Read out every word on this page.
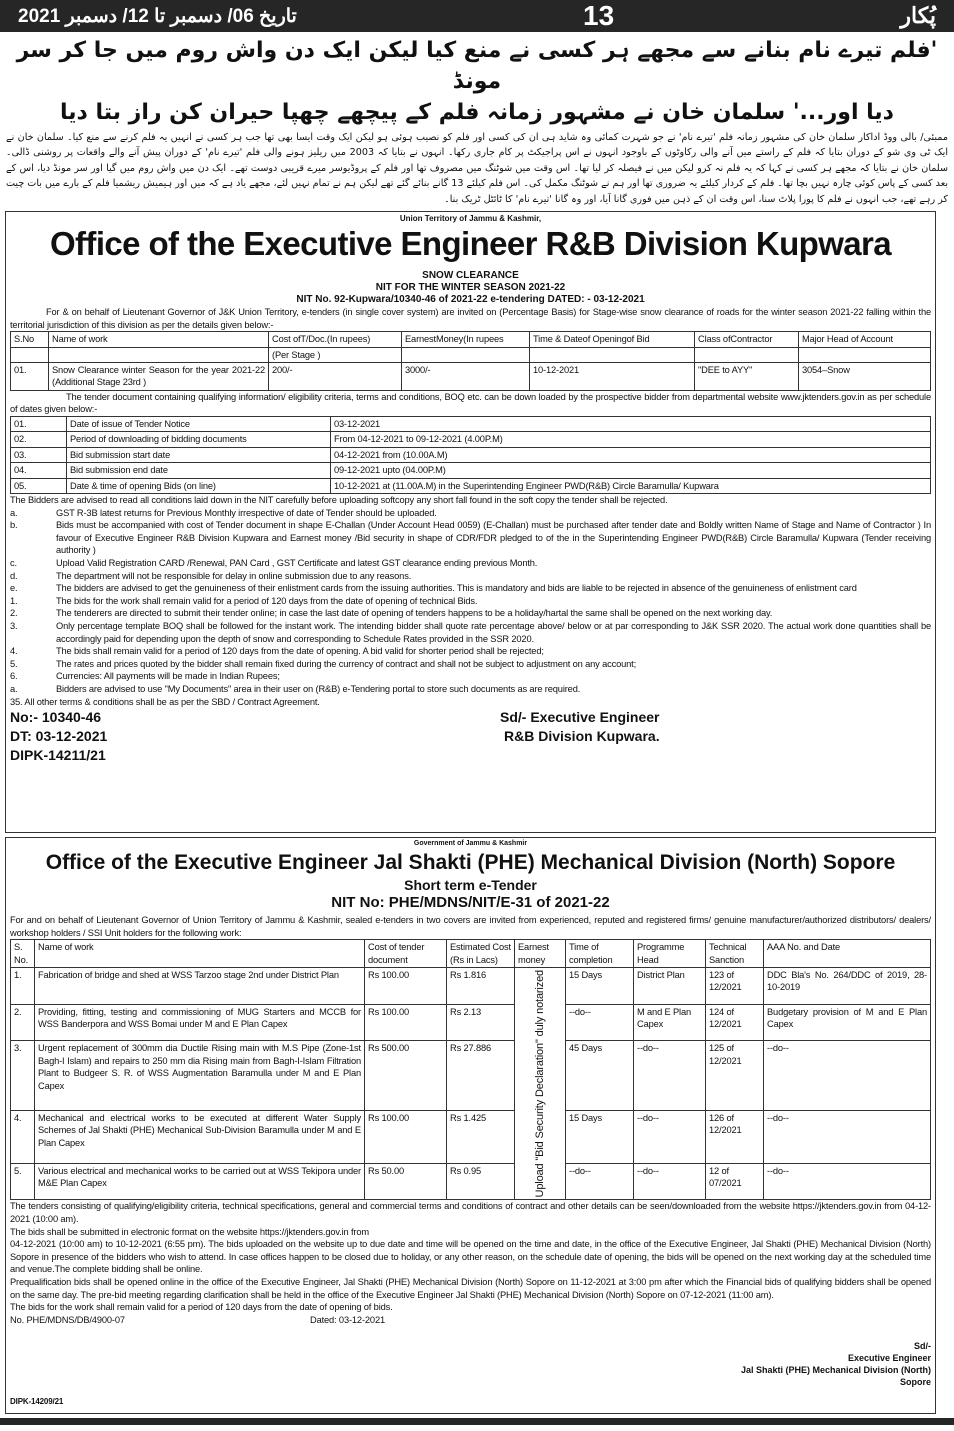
تاریخ 06/ دسمبر تا 12/ دسمبر 2021	13	پُکار
'فلم تیرے نام بنانے سے مجھے ہر کسی نے منع کیا لیکن ایک دن واش روم میں جا کر سر مونڈ
دیا اور...' سلمان خان نے مشہور زمانہ فلم کے پیچھے چھپا حیران کن راز بتا دیا
ممبئی/ بالی ووڈ اداکار سلمان خان کی مشہور زمانہ فلم 'تیرے نام' نے جو شہرت کمائی وہ شاید ہی ان کی کسی اور فلم کو نصیب ہوئی ہو لیکن ایک وقت ایسا بھی تھا جب ہر کسی نے انہیں یہ فلم کرنے سے منع کیا۔ سلمان خان نے ایک ٹی وی شو کے دوران بتایا کہ فلم کے راستے میں آنے والی رکاوٹوں کے باوجود انہوں نے اس پراجیکٹ پر کام جاری رکھا۔ انہوں نے بتایا کہ 2003 میں ریلیز ہونے والی فلم 'تیرے نام' کے دوران پیش آنے والے واقعات پر روشنی ڈالی۔ سلمان خان نے بتایا کہ مجھے ہر کسی نے کہا کہ یہ فلم نہ کرو لیکن میں نے فیصلہ کر لیا تھا۔ اس وقت میں شوٹنگ میں مصروف تھا اور فلم کے پروڈیوسر میرے قریبی دوست تھے۔ ایک دن میں واش روم میں گیا اور سر مونڈ دیا، اس کے بعد کسی کے پاس کوئی چارہ نہیں بچا تھا۔ فلم کے کردار کیلئے یہ ضروری تھا اور ہم نے شوٹنگ مکمل کی۔ اس فلم کیلئے 13 گانے بنائے گئے تھے لیکن ہم نے تمام نہیں لئے، مجھے یاد ہے کہ میں اور ہیمیش ریشمیا فلم کے بارے میں بات چیت کر رہے تھے، جب انہوں نے فلم کا پورا پلاٹ سنا، اس وقت ان کے ذہن میں فوری گانا آیا، اور وہ گانا 'تیرے نام' کا ٹائٹل ٹریک بنا۔
Union Territory of Jammu & Kashmir,
Office of the Executive Engineer R&B Division Kupwara
SNOW CLEARANCE
NIT FOR THE WINTER SEASON 2021-22
NIT No. 92-Kupwara/10340-46 of 2021-22 e-tendering DATED: - 03-12-2021

For & on behalf of Lieutenant Governor of J&K Union Territory, e-tenders (in single cover system) are invited on (Percentage Basis) for Stage-wise snow clearance of roads for the winter season 2021-22 falling within the territorial jurisdiction of this division as per the details given below:-

S.No	Name of work	Cost ofT/Doc.(In rupees)	EarnestMoney(In rupees	Time & Dateof Openingof Bid	Class ofContractor	Major Head of Account
		(Per Stage )				
01.	Snow Clearance winter Season for the year 2021-22 (Additional Stage 23rd )	200/-	3000/-	10-12-2021	"DEE to AYY"	3054–Snow

The tender document containing qualifying information/ eligibility criteria, terms and conditions, BOQ etc. can be down loaded by the prospective bidder from departmental website www.jktenders.gov.in as per schedule of dates given below:-

01.	Date of issue of Tender Notice	03-12-2021
02.	Period of downloading of bidding documents	From 04-12-2021 to 09-12-2021 (4.00P.M)
03.	Bid submission start date	04-12-2021 from (10.00A.M)
04.	Bid submission end date	09-12-2021 upto (04.00P.M)
05.	Date & time of opening Bids (on line)	10-12-2021 at (11.00A.M) in the Superintending Engineer PWD(R&B) Circle Baramulla/ Kupwara

The Bidders are advised to read all conditions laid down in the NIT carefully before uploading softcopy any short fall found in the soft copy the tender shall be rejected.

a.	GST R-3B latest returns for Previous Monthly irrespective of date of Tender should be uploaded.
b.	Bids must be accompanied with cost of Tender document in shape E-Challan (Under Account Head 0059) (E-Challan) must be purchased after tender date and Boldly written Name of Stage and Name of Contractor ) In favour of Executive Engineer R&B Division Kupwara and Earnest money /Bid security in shape of CDR/FDR pledged to of the in the Superintending Engineer PWD(R&B) Circle Baramulla/ Kupwara (Tender receiving authority )
c.	Upload Valid Registration CARD /Renewal, PAN Card , GST Certificate and latest GST clearance ending previous Month.
d.	The department will not be responsible for delay in online submission due to any reasons.
e.	The bidders are advised to get the genuineness of their enlistment cards from the issuing authorities. This is mandatory and bids are liable to be rejected in absence of the genuineness of enlistment card
1.	The bids for the work shall remain valid for a period of 120 days from the date of opening of technical Bids.
2.	The tenderers are directed to submit their tender online; in case the last date of opening of tenders happens to be a holiday/hartal the same shall be opened on the next working day.
3.	Only percentage template BOQ shall be followed for the instant work. The intending bidder shall quote rate percentage above/ below or at par corresponding to J&K SSR 2020. The actual work done quantities shall be accordingly paid for depending upon the depth of snow and corresponding to Schedule Rates provided in the SSR 2020.
4.	The bids shall remain valid for a period of 120 days from the date of opening. A bid valid for shorter period shall be rejected;
5.	The rates and prices quoted by the bidder shall remain fixed during the currency of contract and shall not be subject to adjustment on any account;
6.	Currencies: All payments will be made in Indian Rupees;
a.	Bidders are advised to use "My Documents" area in their user on (R&B) e-Tendering portal to store such documents as are required.

35. All other terms & conditions shall be as per the SBD / Contract Agreement.

No:- 10340-46	Sd/- Executive Engineer
DT: 03-12-2021	R&B Division Kupwara.
DIPK-14211/21
Government of Jammu & Kashmir
Office of the Executive Engineer Jal Shakti (PHE) Mechanical Division (North) Sopore
Short term e-Tender
NIT No: PHE/MDNS/NIT/E-31 of 2021-22

For and on behalf of Lieutenant Governor of Union Territory of Jammu & Kashmir, sealed e-tenders in two covers are invited from experienced, reputed and registered firms/ genuine manufacturer/authorized distributors/ dealers/ workshop holders / SSI Unit holders for the following work:

S. No.	Name of work	Cost of tender document	Estimated Cost (Rs in Lacs)	Earnest money	Time of completion	Programme Head	Technical Sanction	AAA No. and Date
1.	Fabrication of bridge and shed at WSS Tarzoo stage 2nd under District Plan	Rs 100.00	Rs 1.816	Upload "Bid Security Declaration" duly notarized	15 Days	District Plan	123 of 12/2021	DDC Bla's No. 264/DDC of 2019, 28-10-2019
2.	Providing, fitting, testing and commissioning of MUG Starters and MCCB for WSS Banderpora and WSS Bomai under M and E Plan Capex	Rs 100.00	Rs 2.13		--do--	M and E Plan Capex	124 of 12/2021	Budgetary provision of M and E Plan Capex
3.	Urgent replacement of 300mm dia Ductile Rising main with M.S Pipe (Zone-1st Bagh-I Islam) and repairs to 250 mm dia Rising main from Bagh-I-Islam Filtration Plant to Budgeer S. R. of WSS Augmentation Baramulla under M and E Plan Capex	Rs 500.00	Rs 27.886		45 Days	--do--	125 of 12/2021	--do--
4.	Mechanical and electrical works to be executed at different Water Supply Schemes of Jal Shakti (PHE) Mechanical Sub-Division Baramulla under M and E Plan Capex	Rs 100.00	Rs 1.425		15 Days	--do--	126 of 12/2021	--do--
5.	Various electrical and mechanical works to be carried out at WSS Tekipora under M&E Plan Capex	Rs 50.00	Rs 0.95		--do--	--do--	12 of 07/2021	--do--

The tenders consisting of qualifying/eligibility criteria, technical specifications, general and commercial terms and conditions of contract and other details can be seen/downloaded from the website https://jktenders.gov.in from 04-12-2021 (10:00 am).

The bids shall be submitted in electronic format on the website https://jktenders.gov.in from

04-12-2021 (10:00 am) to 10-12-2021 (6:55 pm). The bids uploaded on the website up to due date and time will be opened on the time and date, in the office of the Executive Engineer, Jal Shakti (PHE) Mechanical Division (North) Sopore in presence of the bidders who wish to attend. In case offices happen to be closed due to holiday, or any other reason, on the schedule date of opening, the bids will be opened on the next working day at the scheduled time and venue.The complete bidding shall be online.

Prequalification bids shall be opened online in the office of the Executive Engineer, Jal Shakti (PHE) Mechanical Division (North) Sopore on 11-12-2021 at 3:00 pm after which the Financial bids of qualifying bidders shall be opened on the same day. The pre-bid meeting regarding clarification shall be held in the office of the Executive Engineer Jal Shakti (PHE) Mechanical Division (North) Sopore on 07-12-2021 (11:00 am).

The bids for the work shall remain valid for a period of 120 days from the date of opening of bids.

No. PHE/MDNS/DB/4900-07	Dated: 03-12-2021
Sd/-
Executive Engineer
Jal Shakti (PHE) Mechanical Division (North)
Sopore
DIPK-14209/21
